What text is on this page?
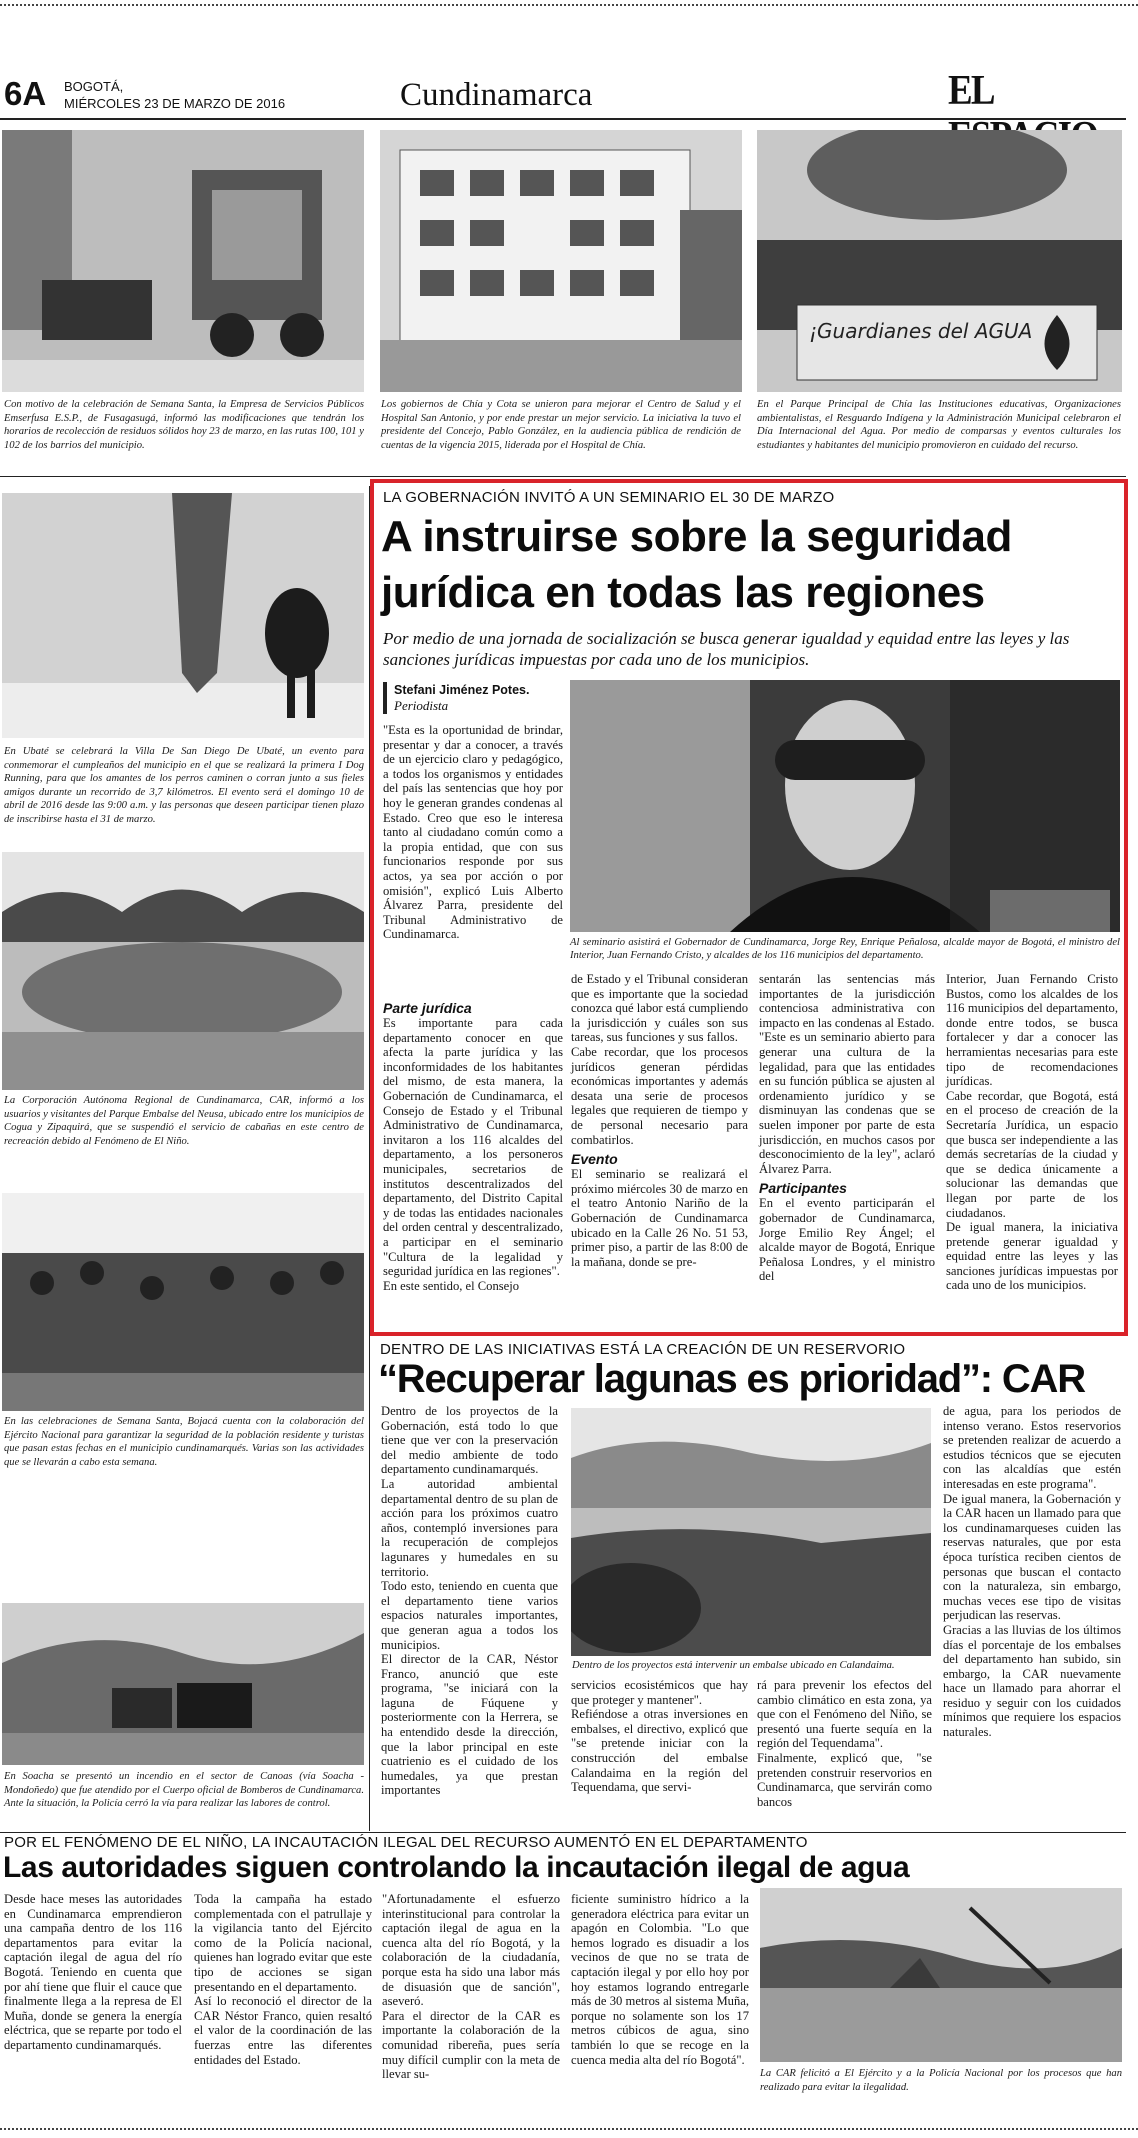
6A BOGOTÁ,
MIÉRCOLES 23 DE MARZO DE 2016	Cundinamarca	EL
¡Guardianes del AGUA
Con motivo de la celebración de Semana Santa, la Empresa de Servicios Públicos Emserfusa E.S.P., de Fusagasugá, informó las modificaciones que tendrán los horarios de recolección de residuos sólidos hoy 23 de marzo, en las rutas 100, 101 y 102 de los barrios del municipio.
Los gobiernos de Chía y Cota se unieron para mejorar el Centro de Salud y el Hospital San Antonio, y por ende prestar un mejor servicio. La iniciativa la tuvo el presidente del Concejo, Pablo González, en la audiencia pública de rendición de cuentas de la vigencia 2015, liderada por el Hospital de Chía.
En el Parque Principal de Chía las Instituciones educativas, Organizaciones ambientalistas, el Resguardo Indígena y la Administración Municipal celebraron el Día Internacional del Agua. Por medio de comparsas y eventos culturales los estudiantes y habitantes del municipio promovieron en cuidado del recurso.
En Ubaté se celebrará la Villa De San Diego De Ubaté, un evento para conmemorar el cumpleaños del municipio en el que se realizará la primera I Dog Running, para que los amantes de los perros caminen o corran junto a sus fieles amigos durante un recorrido de 3,7 kilómetros. El evento será el domingo 10 de abril de 2016 desde las 9:00 a.m. y las personas que deseen participar tienen plazo de inscribirse hasta el 31 de marzo.
La Corporación Autónoma Regional de Cundinamarca, CAR, informó a los usuarios y visitantes del Parque Embalse del Neusa, ubicado entre los municipios de Cogua y Zipaquirá, que se suspendió el servicio de cabañas en este centro de recreación debido al Fenómeno de El Niño.
En las celebraciones de Semana Santa, Bojacá cuenta con la colaboración del Ejército Nacional para garantizar la seguridad de la población residente y turistas que pasan estas fechas en el municipio cundinamarqués. Varias son las actividades que se llevarán a cabo esta semana.
En Soacha se presentó un incendio en el sector de Canoas (vía Soacha - Mondoñedo) que fue atendido por el Cuerpo oficial de Bomberos de Cundinamarca. Ante la situación, la Policía cerró la vía para realizar las labores de control.
LA GOBERNACIÓN INVITÓ A UN SEMINARIO EL 30 DE MARZO
A instruirse sobre la seguridad
jurídica en todas las regiones
Por medio de una jornada de socialización se busca generar igualdad y equidad entre las leyes y las sanciones jurídicas impuestas por cada uno de los municipios.
Stefani Jiménez Potes.
Periodista
Al seminario asistirá el Gobernador de Cundinamarca, Jorge Rey, Enrique Peñalosa, alcalde mayor de Bogotá, el ministro del Interior, Juan Fernando Cristo, y alcaldes de los 116 municipios del departamento.
"Esta es la oportunidad de brindar, presentar y dar a conocer, a través de un ejercicio claro y pedagógico, a todos los organismos y entidades del país las sentencias que hoy por hoy le generan grandes condenas al Estado. Creo que eso le interesa tanto al ciudadano común como a la propia entidad, que con sus funcionarios responde por sus actos, ya sea por acción o por omisión", explicó Luis Alberto Álvarez Parra, presidente del Tribunal Administrativo de Cundinamarca.
Parte jurídica
Es importante para cada departamento conocer en que afecta la parte jurídica y las inconformidades de los habitantes del mismo, de esta manera, la Gobernación de Cundinamarca, el Consejo de Estado y el Tribunal Administrativo de Cundinamarca, invitaron a los 116 alcaldes del departamento, a los personeros municipales, secretarios de institutos descentralizados del departamento, del Distrito Capital y de todas las entidades nacionales del orden central y descentralizado, a participar en el seminario "Cultura de la legalidad y seguridad jurídica en las regiones".
En este sentido, el Consejo
de Estado y el Tribunal consideran que es importante que la sociedad conozca qué labor está cumpliendo la jurisdicción y cuáles son sus tareas, sus funciones y sus fallos.
Cabe recordar, que los procesos jurídicos generan pérdidas económicas importantes y además desata una serie de procesos legales que requieren de tiempo y de personal necesario para combatirlos.
Evento
El seminario se realizará el próximo miércoles 30 de marzo en el teatro Antonio Nariño de la Gobernación de Cundinamarca ubicado en la Calle 26 No. 51 53, primer piso, a partir de las 8:00 de la mañana, donde se pre-
sentarán las sentencias más importantes de la jurisdicción contenciosa administrativa con impacto en las condenas al Estado.
"Este es un seminario abierto para generar una cultura de la legalidad, para que las entidades en su función pública se ajusten al ordenamiento jurídico y se disminuyan las condenas que se suelen imponer por parte de esta jurisdicción, en muchos casos por desconocimiento de la ley", aclaró Álvarez Parra.
Participantes
En el evento participarán el gobernador de Cundinamarca, Jorge Emilio Rey Ángel; el alcalde mayor de Bogotá, Enrique Peñalosa Londres, y el ministro del
Interior, Juan Fernando Cristo Bustos, como los alcaldes de los 116 municipios del departamento, donde entre todos, se busca fortalecer y dar a conocer las herramientas necesarias para este tipo de recomendaciones jurídicas.
Cabe recordar, que Bogotá, está en el proceso de creación de la Secretaría Jurídica, un espacio que busca ser independiente a las demás secretarías de la ciudad y que se dedica únicamente a solucionar las demandas que llegan por parte de los ciudadanos.
De igual manera, la iniciativa pretende generar igualdad y equidad entre las leyes y las sanciones jurídicas impuestas por cada uno de los municipios.
DENTRO DE LAS INICIATIVAS ESTÁ LA CREACIÓN DE UN RESERVORIO
“Recuperar lagunas es prioridad”: CAR
Dentro de los proyectos de la Gobernación, está todo lo que tiene que ver con la preservación del medio ambiente de todo departamento cundinamarqués.
La autoridad ambiental departamental dentro de su plan de acción para los próximos cuatro años, contempló inversiones para la recuperación de complejos lagunares y humedales en su territorio.
Todo esto, teniendo en cuenta que el departamento tiene varios espacios naturales importantes, que generan agua a todos los municipios.
El director de la CAR, Néstor Franco, anunció que este programa, "se iniciará con la laguna de Fúquene y posteriormente con la Herrera, se ha entendido desde la dirección, que la labor principal en este cuatrienio es el cuidado de los humedales, ya que prestan importantes
Dentro de los proyectos está intervenir un embalse ubicado en Calandaima.
servicios ecosistémicos que hay que proteger y mantener".
Refiéndose a otras inversiones en embalses, el directivo, explicó que "se pretende iniciar con la construcción del embalse Calandaima en la región del Tequendama, que servi-
rá para prevenir los efectos del cambio climático en esta zona, ya que con el Fenómeno del Niño, se presentó una fuerte sequía en la región del Tequendama".
Finalmente, explicó que, "se pretenden construir reservorios en Cundinamarca, que servirán como bancos
de agua, para los periodos de intenso verano. Estos reservorios se pretenden realizar de acuerdo a estudios técnicos que se ejecuten con las alcaldías que estén interesadas en este programa".
De igual manera, la Gobernación y la CAR hacen un llamado para que los cundinamarqueses cuiden las reservas naturales, que por esta época turística reciben cientos de personas que buscan el contacto con la naturaleza, sin embargo, muchas veces ese tipo de visitas perjudican las reservas.
Gracias a las lluvias de los últimos días el porcentaje de los embalses del departamento han subido, sin embargo, la CAR nuevamente hace un llamado para ahorrar el residuo y seguir con los cuidados mínimos que requiere los espacios naturales.
POR EL FENÓMENO DE EL NIÑO, LA INCAUTACIÓN ILEGAL DEL RECURSO AUMENTÓ EN EL DEPARTAMENTO
Las autoridades siguen controlando la incautación ilegal de agua
Desde hace meses las autoridades en Cundinamarca emprendieron una campaña dentro de los 116 departamentos para evitar la captación ilegal de agua del río Bogotá. Teniendo en cuenta que por ahí tiene que fluir el cauce que finalmente llega a la represa de El Muña, donde se genera la energía eléctrica, que se reparte por todo el departamento cundinamarqués.
Toda la campaña ha estado complementada con el patrullaje y la vigilancia tanto del Ejército como de la Policía nacional, quienes han logrado evitar que este tipo de acciones se sigan presentando en el departamento.
Así lo reconoció el director de la CAR Néstor Franco, quien resaltó el valor de la coordinación de las fuerzas entre las diferentes entidades del Estado.
"Afortunadamente el esfuerzo interinstitucional para controlar la captación ilegal de agua en la cuenca alta del río Bogotá, y la colaboración de la ciudadanía, porque esta ha sido una labor más de disuasión que de sanción", aseveró.
Para el director de la CAR es importante la colaboración de la comunidad ribereña, pues sería muy difícil cumplir con la meta de llevar su-
ficiente suministro hídrico a la generadora eléctrica para evitar un apagón en Colombia. "Lo que hemos logrado es disuadir a los vecinos de que no se trata de captación ilegal y por ello hoy por hoy estamos logrando entregarle más de 30 metros al sistema Muña, porque no solamente son los 17 metros cúbicos de agua, sino también lo que se recoge en la cuenca media alta del río Bogotá".
La CAR felicitó a El Ejército y a la Policía Nacional por los procesos que han realizado para evitar la ilegalidad.
